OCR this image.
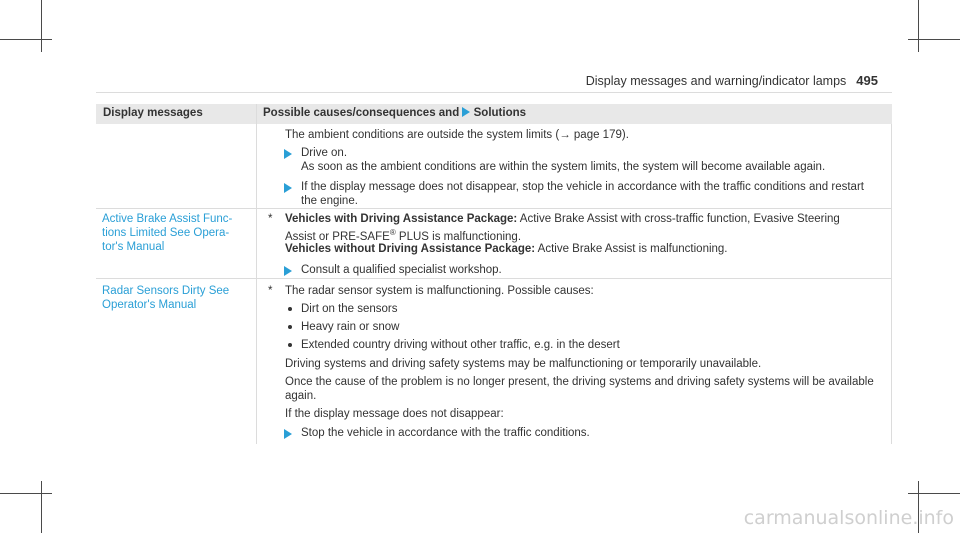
Display messages and warning/indicator lamps 495
Display messages	Possible causes/consequences and Solutions
The ambient conditions are outside the system limits (→ page 179).
Drive on.
As soon as the ambient conditions are within the system limits, the system will become available again.
If the display message does not disappear, stop the vehicle in accordance with the traffic conditions and restart
the engine.
Active Brake Assist Func-
tions Limited See Opera-
tor's Manual
* Vehicles with Driving Assistance Package: Active Brake Assist with cross-traffic function, Evasive Steering
Assist or PRE-SAFE® PLUS is malfunctioning.
Vehicles without Driving Assistance Package: Active Brake Assist is malfunctioning.
Consult a qualified specialist workshop.
Radar Sensors Dirty See
Operator's Manual
* The radar sensor system is malfunctioning. Possible causes:
Dirt on the sensors
Heavy rain or snow
Extended country driving without other traffic, e.g. in the desert
Driving systems and driving safety systems may be malfunctioning or temporarily unavailable.
Once the cause of the problem is no longer present, the driving systems and driving safety systems will be available
again.
If the display message does not disappear:
Stop the vehicle in accordance with the traffic conditions.
carmanualsonline.info
